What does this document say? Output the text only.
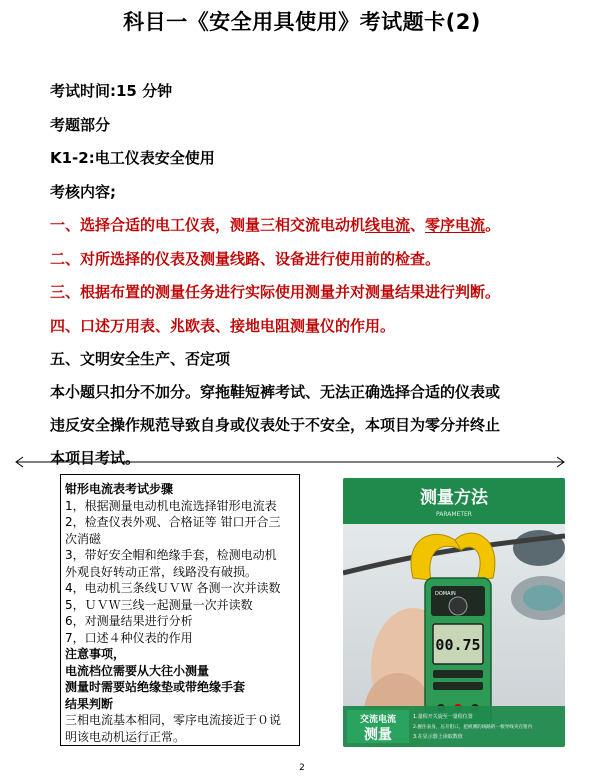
科目一《安全用具使用》考试题卡(2)
考试时间:15 分钟
考题部分
K1-2:电工仪表安全使用
考核内容;
一、选择合适的电工仪表，测量三相交流电动机线电流、零序电流。
二、对所选择的仪表及测量线路、设备进行使用前的检查。
三、根据布置的测量任务进行实际使用测量并对测量结果进行判断。
四、口述万用表、兆欧表、接地电阻测量仪的作用。
五、文明安全生产、否定项
本小题只扣分不加分。穿拖鞋短裤考试、无法正确选择合适的仪表或
违反安全操作规范导致自身或仪表处于不安全，本项目为零分并终止
本项目考试。
钳形电流表考试步骤
1，根据测量电动机电流选择钳形电流表
2，检查仪表外观、合格证等 钳口开合三
次消磁
3，带好安全帽和绝缘手套，检测电动机
外观良好转动正常，线路没有破损。
4，电动机三条线ＵＶＷ 各测一次并读数
5，ＵＶＷ三线一起测量一次并读数
6，对测量结果进行分析
7，口述４种仪表的作用
注意事项，
电流档位需要从大往小测量
测量时需要站绝缘垫或带绝缘手套
结果判断
三相电流基本相同，零序电流接近于０说
明该电动机运行正常。
测量方法
PARAMETER
DOMAIN
00.75
交流电流
测量
1.量程开关旋至一量程位置
2.握住表身，压开钳口，把被测的线路的一根导线夹在钳内
3.在显示器上读取数值
2
